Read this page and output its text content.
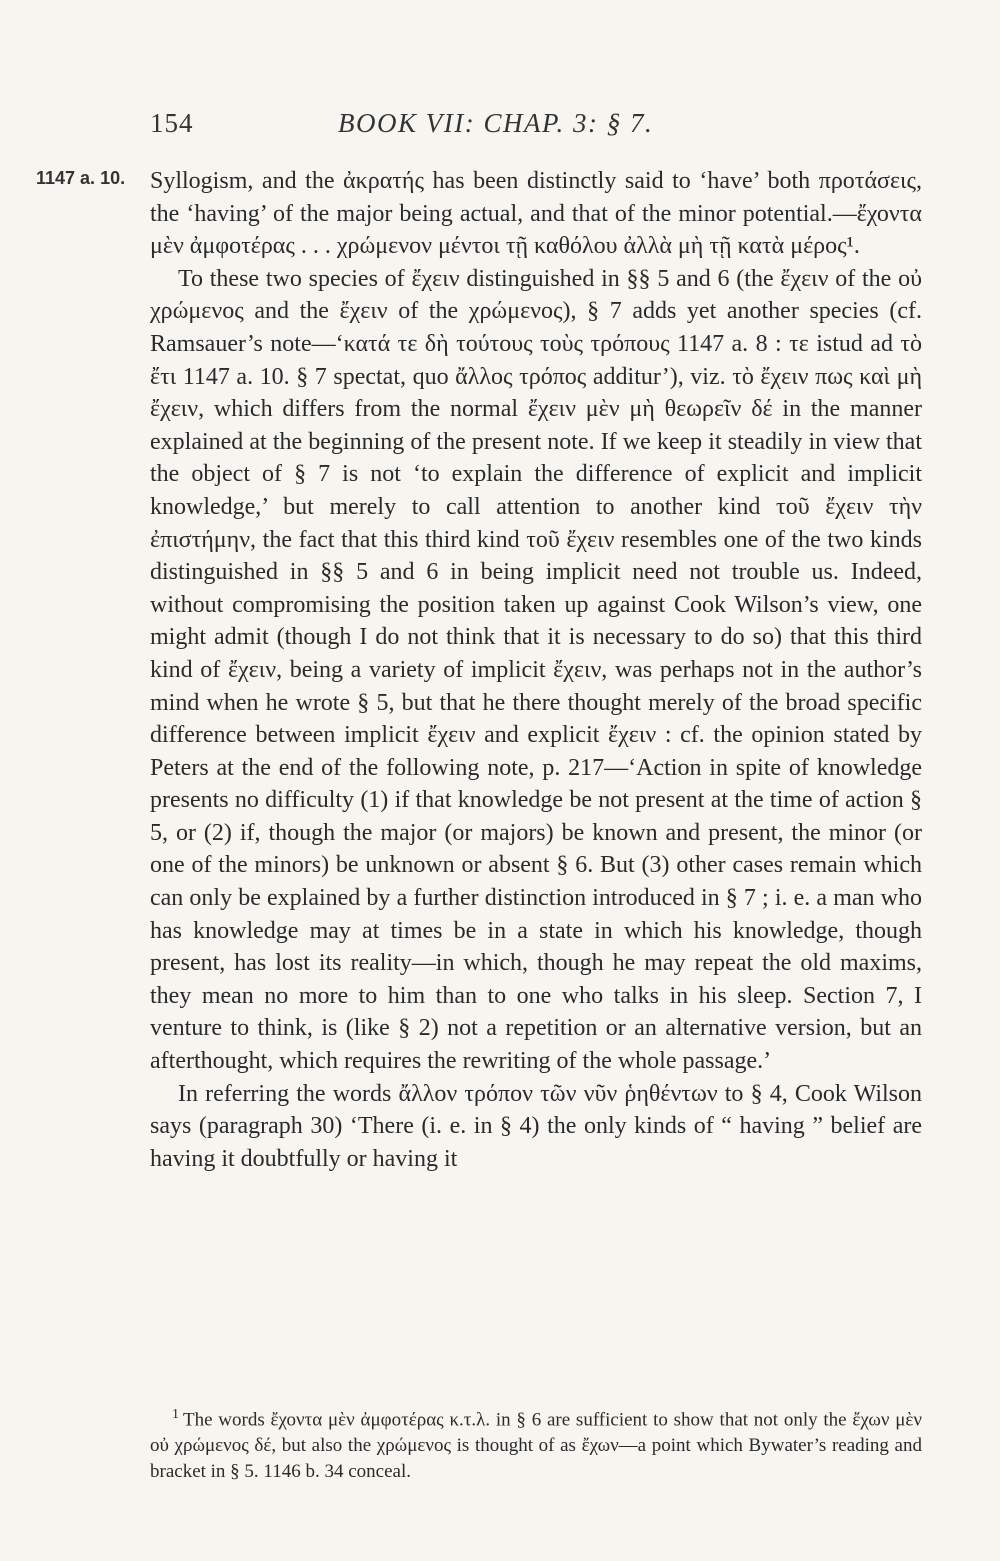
154	BOOK VII: CHAP. 3: § 7.
1147 a. 10. Syllogism, and the ἀκρατής has been distinctly said to ‘have’ both προτάσεις, the ‘having’ of the major being actual, and that of the minor potential.—ἔχοντα μὲν ἀμφοτέρας . . . χρώμενον μέντοι τῇ καθόλου ἀλλὰ μὴ τῇ κατὰ μέρος¹.

To these two species of ἔχειν distinguished in §§ 5 and 6 (the ἔχειν of the οὐ χρώμενος and the ἔχειν of the χρώμενος), § 7 adds yet another species (cf. Ramsauer’s note—‘κατά τε δὴ τούτους τοὺς τρόπους 1147 a. 8 : τε istud ad τὸ ἔτι 1147 a. 10. § 7 spectat, quo ἄλλος τρόπος additur’), viz. τὸ ἔχειν πως καὶ μὴ ἔχειν, which differs from the normal ἔχειν μὲν μὴ θεωρεῖν δέ in the manner explained at the beginning of the present note. If we keep it steadily in view that the object of § 7 is not ‘to explain the difference of explicit and implicit knowledge,’ but merely to call attention to another kind τοῦ ἔχειν τὴν ἐπιστήμην, the fact that this third kind τοῦ ἔχειν resembles one of the two kinds distinguished in §§ 5 and 6 in being implicit need not trouble us. Indeed, without compromising the position taken up against Cook Wilson’s view, one might admit (though I do not think that it is necessary to do so) that this third kind of ἔχειν, being a variety of implicit ἔχειν, was perhaps not in the author’s mind when he wrote § 5, but that he there thought merely of the broad specific difference between implicit ἔχειν and explicit ἔχειν : cf. the opinion stated by Peters at the end of the following note, p. 217—‘Action in spite of knowledge presents no difficulty (1) if that knowledge be not present at the time of action § 5, or (2) if, though the major (or majors) be known and present, the minor (or one of the minors) be unknown or absent § 6. But (3) other cases remain which can only be explained by a further distinction introduced in § 7 ; i. e. a man who has knowledge may at times be in a state in which his knowledge, though present, has lost its reality—in which, though he may repeat the old maxims, they mean no more to him than to one who talks in his sleep. Section 7, I venture to think, is (like § 2) not a repetition or an alternative version, but an afterthought, which requires the rewriting of the whole passage.’

In referring the words ἄλλον τρόπον τῶν νῦν ῥηθέντων to § 4, Cook Wilson says (paragraph 30) ‘There (i. e. in § 4) the only kinds of “ having ” belief are having it doubtfully or having it

$^1$ The words ἔχοντα μὲν ἀμφοτέρας κ.τ.λ. in § 6 are sufficient to show that not only the ἔχων μὲν οὐ χρώμενος δέ, but also the χρώμενος is thought of as ἔχων—a point which Bywater’s reading and bracket in § 5. 1146 b. 34 conceal.
